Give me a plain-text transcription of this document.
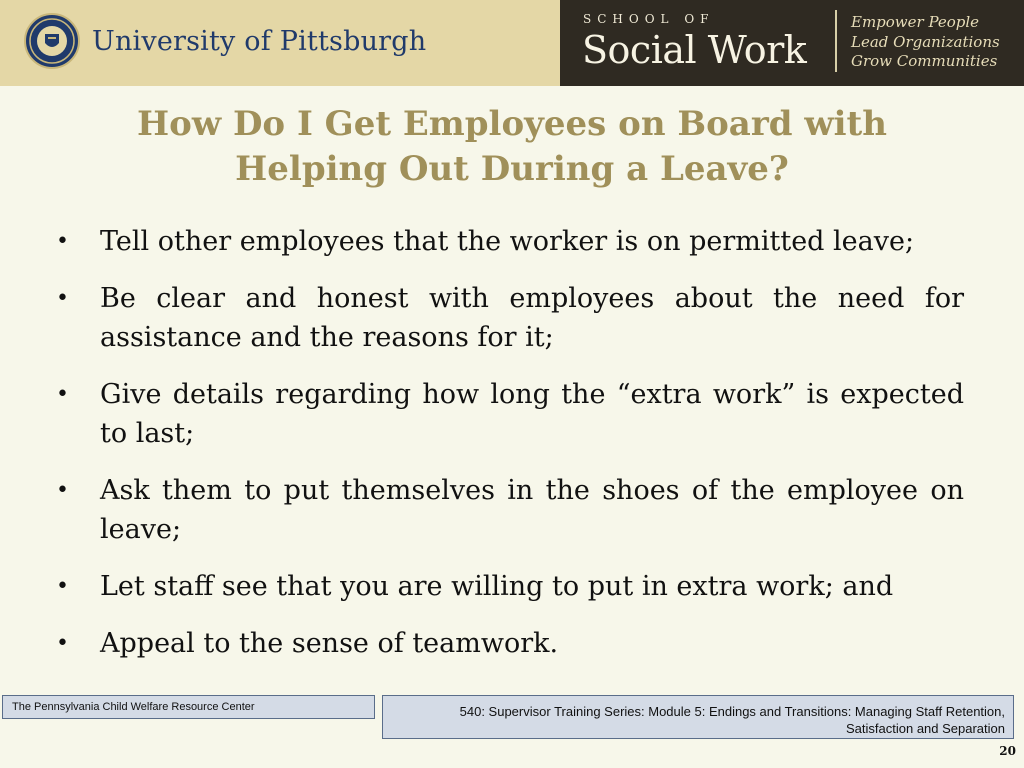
University of Pittsburgh
SCHOOL OF
Social Work
Empower People
Lead Organizations
Grow Communities
How Do I Get Employees on Board with
Helping Out During a Leave?
• Tell other employees that the worker is on permitted leave;
• Be clear and honest with employees about the need for assistance and the reasons for it;
• Give details regarding how long the “extra work” is expected to last;
• Ask them to put themselves in the shoes of the employee on leave;
• Let staff see that you are willing to put in extra work; and
• Appeal to the sense of teamwork.
The Pennsylvania Child Welfare Resource Center	540: Supervisor Training Series: Module 5: Endings and Transitions: Managing Staff Retention, Satisfaction and Separation
20
